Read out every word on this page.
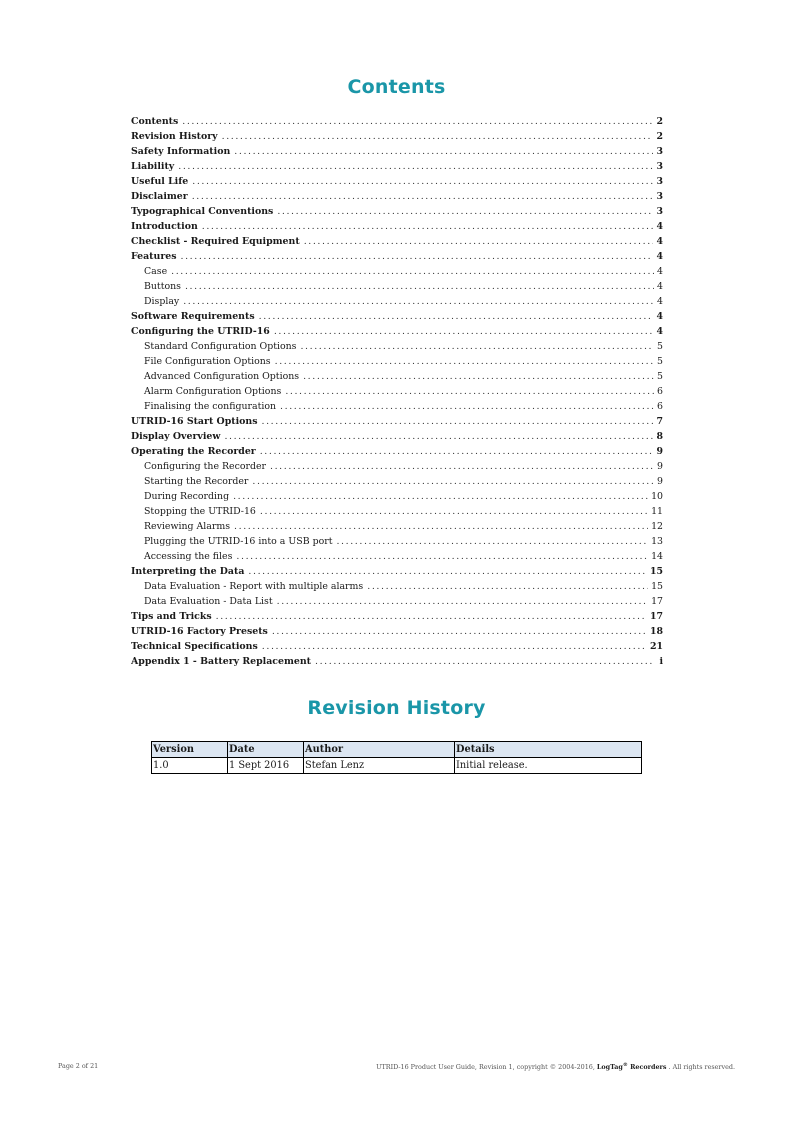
Contents
Contents .....	2
Revision History .....	2
Safety Information .....	3
Liability .....	3
Useful Life .....	3
Disclaimer .....	3
Typographical Conventions .....	3
Introduction .....	4
Checklist - Required Equipment .....	4
Features .....	4
Case .....	4
Buttons .....	4
Display .....	4
Software Requirements .....	4
Configuring the UTRID-16 .....	4
Standard Configuration Options .....	5
File Configuration Options .....	5
Advanced Configuration Options .....	5
Alarm Configuration Options .....	6
Finalising the configuration .....	6
UTRID-16 Start Options .....	7
Display Overview .....	8
Operating the Recorder .....	9
Configuring the Recorder .....	9
Starting the Recorder .....	9
During Recording .....	10
Stopping the UTRID-16 .....	11
Reviewing Alarms .....	12
Plugging the UTRID-16 into a USB port .....	13
Accessing the files .....	14
Interpreting the Data .....	15
Data Evaluation - Report with multiple alarms .....	15
Data Evaluation - Data List .....	17
Tips and Tricks .....	17
UTRID-16 Factory Presets .....	18
Technical Specifications .....	21
Appendix 1 - Battery Replacement .....	i
Revision History
Version	Date	Author	Details
1.0	1 Sept 2016	Stefan Lenz	Initial release.
Page 2 of 21	UTRID-16 Product User Guide, Revision 1, copyright © 2004-2016, LogTag® Recorders . All rights reserved.
